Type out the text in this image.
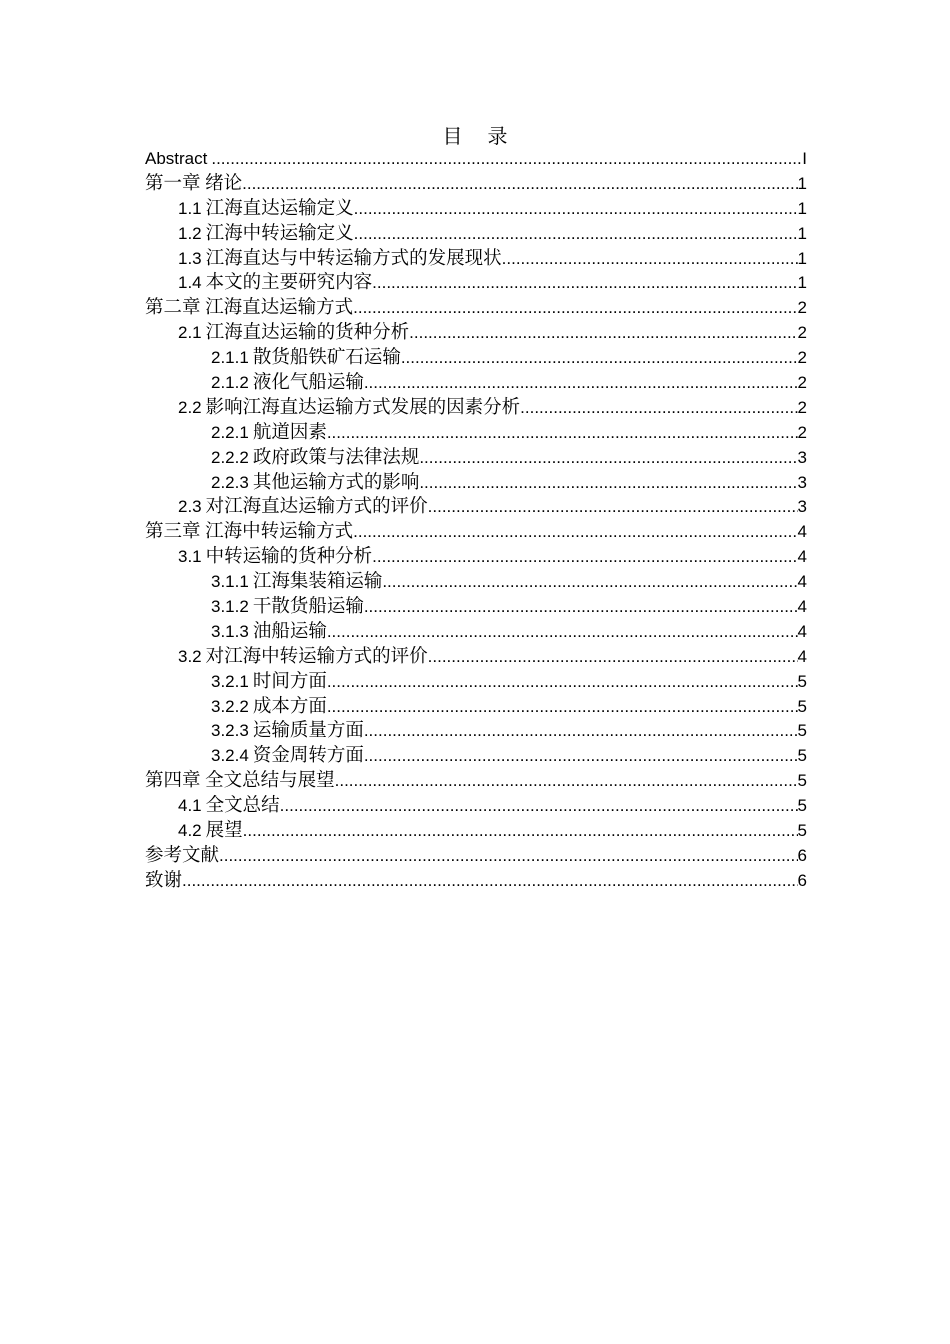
目 录
Abstract .....	I
第一章 绪论 .....	1
1.1 江海直达运输定义 .....	1
1.2 江海中转运输定义 .....	1
1.3 江海直达与中转运输方式的发展现状 .....	1
1.4 本文的主要研究内容 .....	1
第二章 江海直达运输方式 .....	2
2.1 江海直达运输的货种分析 .....	2
2.1.1 散货船铁矿石运输 .....	2
2.1.2 液化气船运输 .....	2
2.2 影响江海直达运输方式发展的因素分析 .....	2
2.2.1 航道因素 .....	2
2.2.2 政府政策与法律法规 .....	3
2.2.3 其他运输方式的影响 .....	3
2.3 对江海直达运输方式的评价 .....	3
第三章 江海中转运输方式 .....	4
3.1 中转运输的货种分析 .....	4
3.1.1 江海集装箱运输 .....	4
3.1.2 干散货船运输 .....	4
3.1.3 油船运输 .....	4
3.2 对江海中转运输方式的评价 .....	4
3.2.1 时间方面 .....	5
3.2.2 成本方面 .....	5
3.2.3 运输质量方面 .....	5
3.2.4 资金周转方面 .....	5
第四章 全文总结与展望 .....	5
4.1 全文总结 .....	5
4.2 展望 .....	5
参考文献 .....	6
致谢 .....	6
